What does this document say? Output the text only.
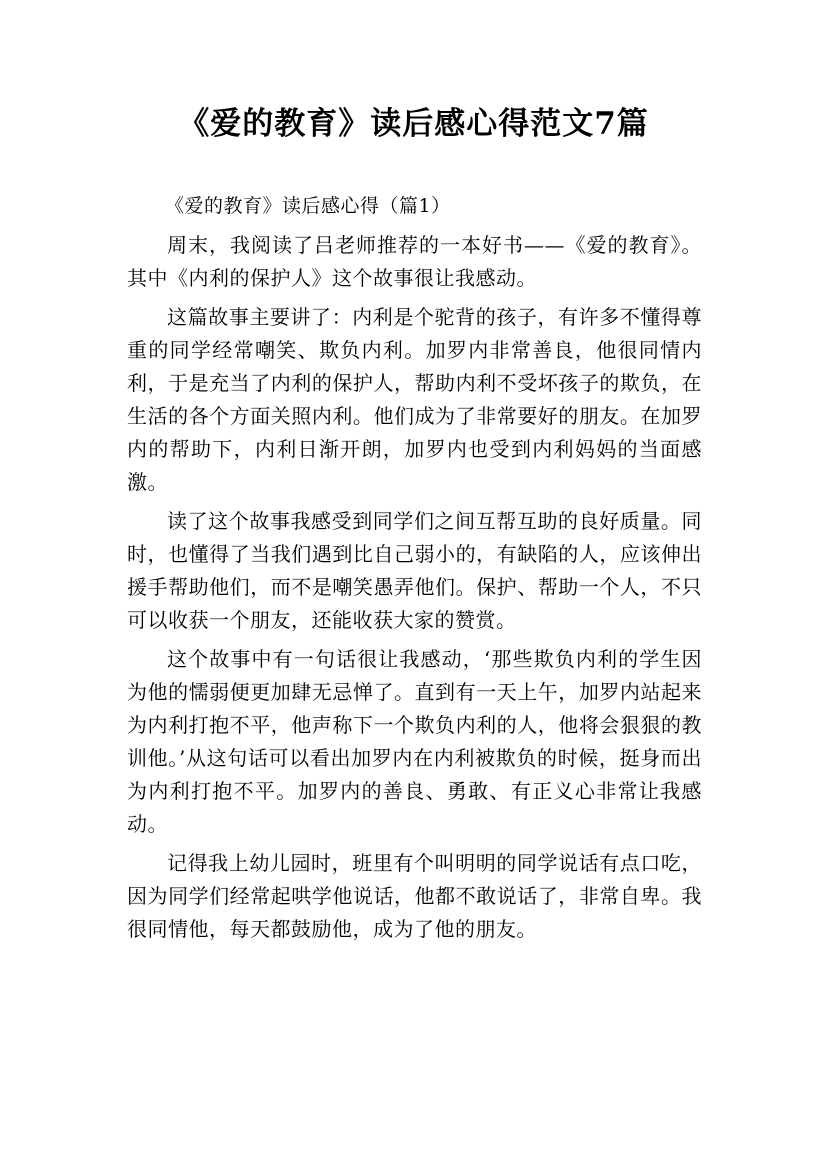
《爱的教育》读后感心得范文7篇
《爱的教育》读后感心得（篇1）

周末，我阅读了吕老师推荐的一本好书——《爱的教育》。其中《内利的保护人》这个故事很让我感动。

这篇故事主要讲了：内利是个驼背的孩子，有许多不懂得尊重的同学经常嘲笑、欺负内利。加罗内非常善良，他很同情内利，于是充当了内利的保护人，帮助内利不受坏孩子的欺负，在生活的各个方面关照内利。他们成为了非常要好的朋友。在加罗内的帮助下，内利日渐开朗，加罗内也受到内利妈妈的当面感激。

读了这个故事我感受到同学们之间互帮互助的良好质量。同时，也懂得了当我们遇到比自己弱小的，有缺陷的人，应该伸出援手帮助他们，而不是嘲笑愚弄他们。保护、帮助一个人，不只可以收获一个朋友，还能收获大家的赞赏。

这个故事中有一句话很让我感动，‘那些欺负内利的学生因为他的懦弱便更加肆无忌惮了。直到有一天上午，加罗内站起来为内利打抱不平，他声称下一个欺负内利的人，他将会狠狠的教训他。’从这句话可以看出加罗内在内利被欺负的时候，挺身而出为内利打抱不平。加罗内的善良、勇敢、有正义心非常让我感动。

记得我上幼儿园时，班里有个叫明明的同学说话有点口吃，因为同学们经常起哄学他说话，他都不敢说话了，非常自卑。我很同情他，每天都鼓励他，成为了他的朋友。
